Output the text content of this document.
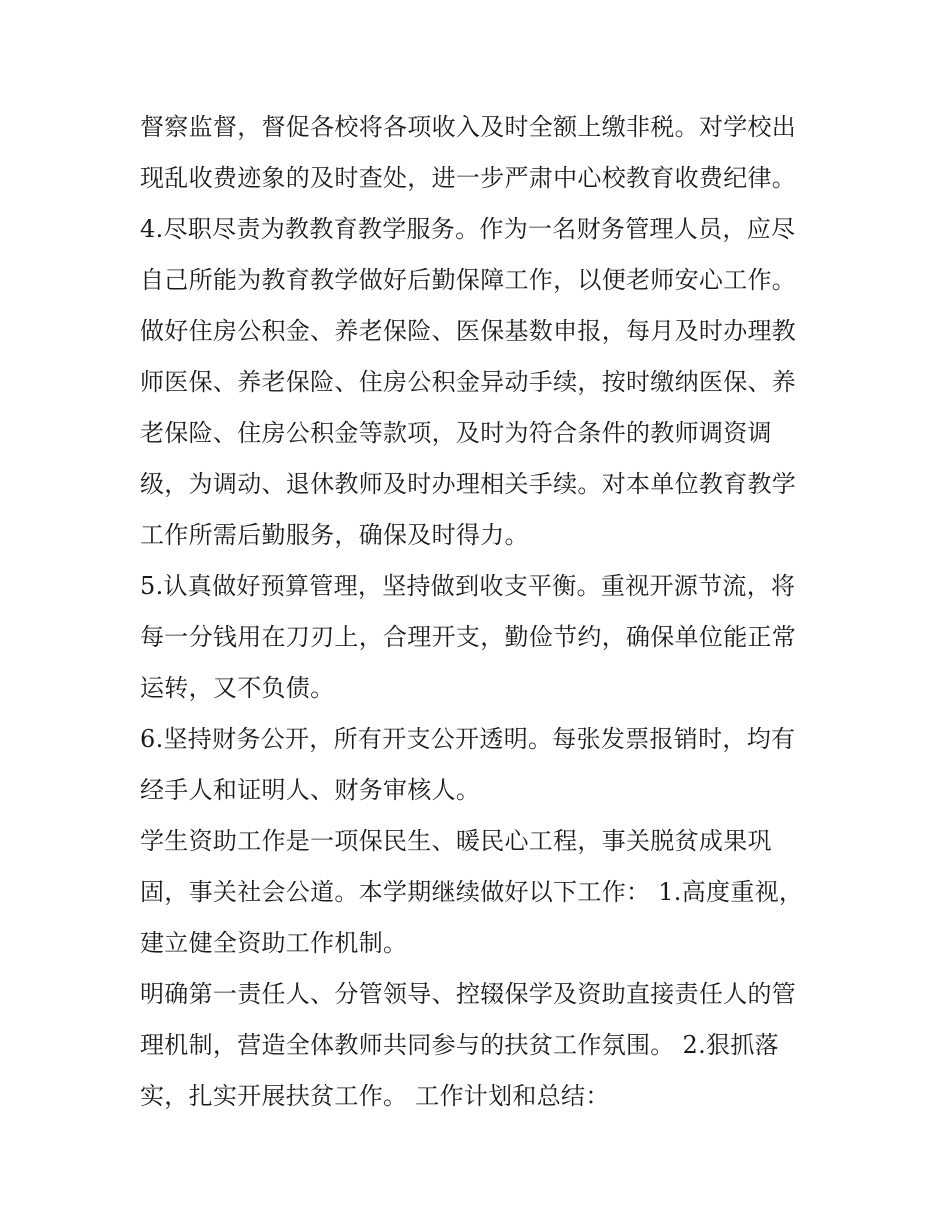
督察监督，督促各校将各项收入及时全额上缴非税。对学校出
现乱收费迹象的及时查处，进一步严肃中心校教育收费纪律。
4.尽职尽责为教教育教学服务。作为一名财务管理人员，应尽
自己所能为教育教学做好后勤保障工作，以便老师安心工作。
做好住房公积金、养老保险、医保基数申报，每月及时办理教
师医保、养老保险、住房公积金异动手续，按时缴纳医保、养
老保险、住房公积金等款项，及时为符合条件的教师调资调
级，为调动、退休教师及时办理相关手续。对本单位教育教学
工作所需后勤服务，确保及时得力。
5.认真做好预算管理，坚持做到收支平衡。重视开源节流，将
每一分钱用在刀刃上，合理开支，勤俭节约，确保单位能正常
运转，又不负债。
6.坚持财务公开，所有开支公开透明。每张发票报销时，均有
经手人和证明人、财务审核人。
学生资助工作是一项保民生、暖民心工程，事关脱贫成果巩
固，事关社会公道。本学期继续做好以下工作： 1.高度重视，
建立健全资助工作机制。
明确第一责任人、分管领导、控辍保学及资助直接责任人的管
理机制，营造全体教师共同参与的扶贫工作氛围。 2.狠抓落
实，扎实开展扶贫工作。 工作计划和总结：
